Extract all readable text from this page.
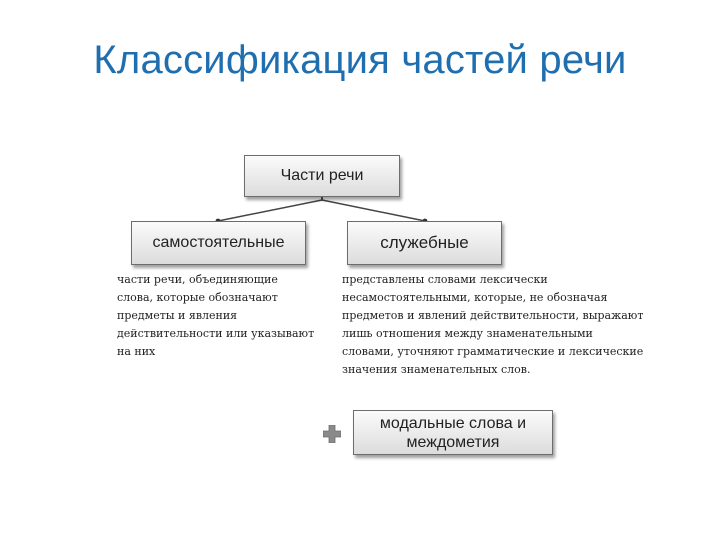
Классификация частей речи
Части речи
самостоятельные	служебные
части речи, объединяющие слова, которые обозначают предметы и явления действительности или указывают на них
представлены словами лексически несамостоятельными, которые, не обозначая предметов и явлений действительности, выражают лишь отношения между знаменательными словами, уточняют грамматические и лексические значения знаменательных слов.
модальные слова и междометия
